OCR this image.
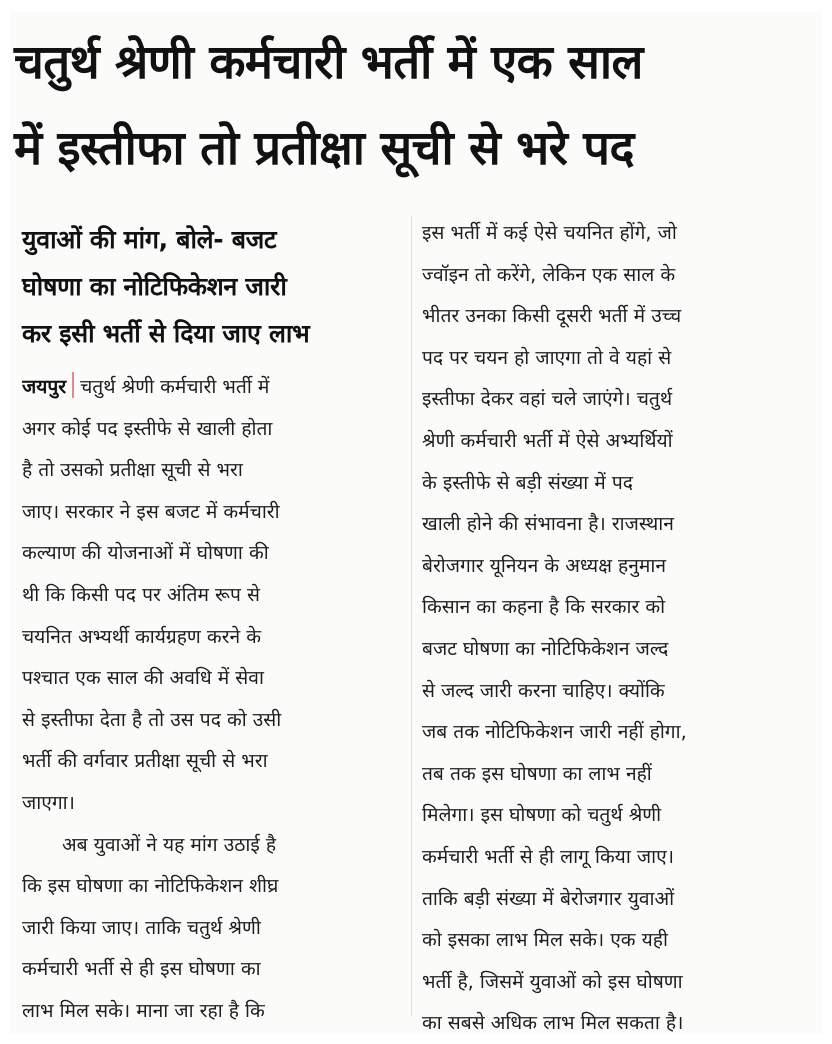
चतुर्थ श्रेणी कर्मचारी भर्ती में एक साल
में इस्तीफा तो प्रतीक्षा सूची से भरे पद
युवाओं की मांग, बोले- बजट
घोषणा का नोटिफिकेशन जारी
कर इसी भर्ती से दिया जाए लाभ
जयपुर चतुर्थ श्रेणी कर्मचारी भर्ती में
अगर कोई पद इस्तीफे से खाली होता
है तो उसको प्रतीक्षा सूची से भरा
जाए। सरकार ने इस बजट में कर्मचारी
कल्याण की योजनाओं में घोषणा की
थी कि किसी पद पर अंतिम रूप से
चयनित अभ्यर्थी कार्यग्रहण करने के
पश्चात एक साल की अवधि में सेवा
से इस्तीफा देता है तो उस पद को उसी
भर्ती की वर्गवार प्रतीक्षा सूची से भरा
जाएगा।
अब युवाओं ने यह मांग उठाई है
कि इस घोषणा का नोटिफिकेशन शीघ्र
जारी किया जाए। ताकि चतुर्थ श्रेणी
कर्मचारी भर्ती से ही इस घोषणा का
लाभ मिल सके। माना जा रहा है कि
इस भर्ती में कई ऐसे चयनित होंगे, जो
ज्वॉइन तो करेंगे, लेकिन एक साल के
भीतर उनका किसी दूसरी भर्ती में उच्च
पद पर चयन हो जाएगा तो वे यहां से
इस्तीफा देकर वहां चले जाएंगे। चतुर्थ
श्रेणी कर्मचारी भर्ती में ऐसे अभ्यर्थियों
के इस्तीफे से बड़ी संख्या में पद
खाली होने की संभावना है। राजस्थान
बेरोजगार यूनियन के अध्यक्ष हनुमान
किसान का कहना है कि सरकार को
बजट घोषणा का नोटिफिकेशन जल्द
से जल्द जारी करना चाहिए। क्योंकि
जब तक नोटिफिकेशन जारी नहीं होगा,
तब तक इस घोषणा का लाभ नहीं
मिलेगा। इस घोषणा को चतुर्थ श्रेणी
कर्मचारी भर्ती से ही लागू किया जाए।
ताकि बड़ी संख्या में बेरोजगार युवाओं
को इसका लाभ मिल सके। एक यही
भर्ती है, जिसमें युवाओं को इस घोषणा
का सबसे अधिक लाभ मिल सकता है।
